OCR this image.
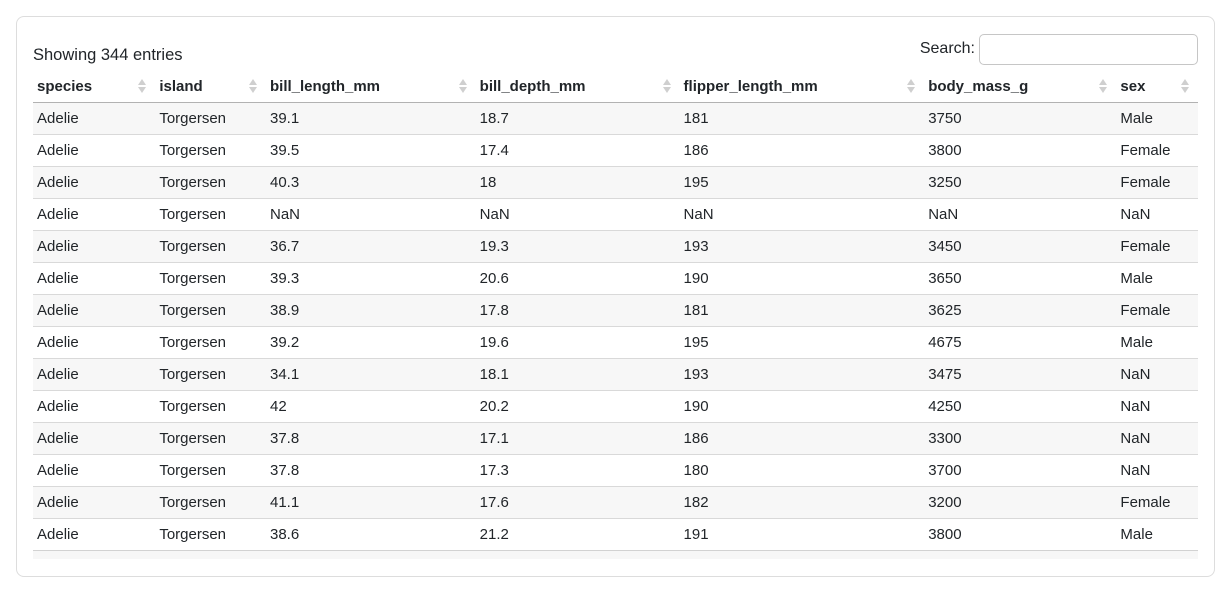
Showing 344 entries	Search:
species	island	bill_length_mm	bill_depth_mm	flipper_length_mm	body_mass_g	sex

Adelie	Torgersen	39.1	18.7	181	3750	Male
Adelie	Torgersen	39.5	17.4	186	3800	Female
Adelie	Torgersen	40.3	18	195	3250	Female
Adelie	Torgersen	NaN	NaN	NaN	NaN	NaN
Adelie	Torgersen	36.7	19.3	193	3450	Female
Adelie	Torgersen	39.3	20.6	190	3650	Male
Adelie	Torgersen	38.9	17.8	181	3625	Female
Adelie	Torgersen	39.2	19.6	195	4675	Male
Adelie	Torgersen	34.1	18.1	193	3475	NaN
Adelie	Torgersen	42	20.2	190	4250	NaN
Adelie	Torgersen	37.8	17.1	186	3300	NaN
Adelie	Torgersen	37.8	17.3	180	3700	NaN
Adelie	Torgersen	41.1	17.6	182	3200	Female
Adelie	Torgersen	38.6	21.2	191	3800	Male
